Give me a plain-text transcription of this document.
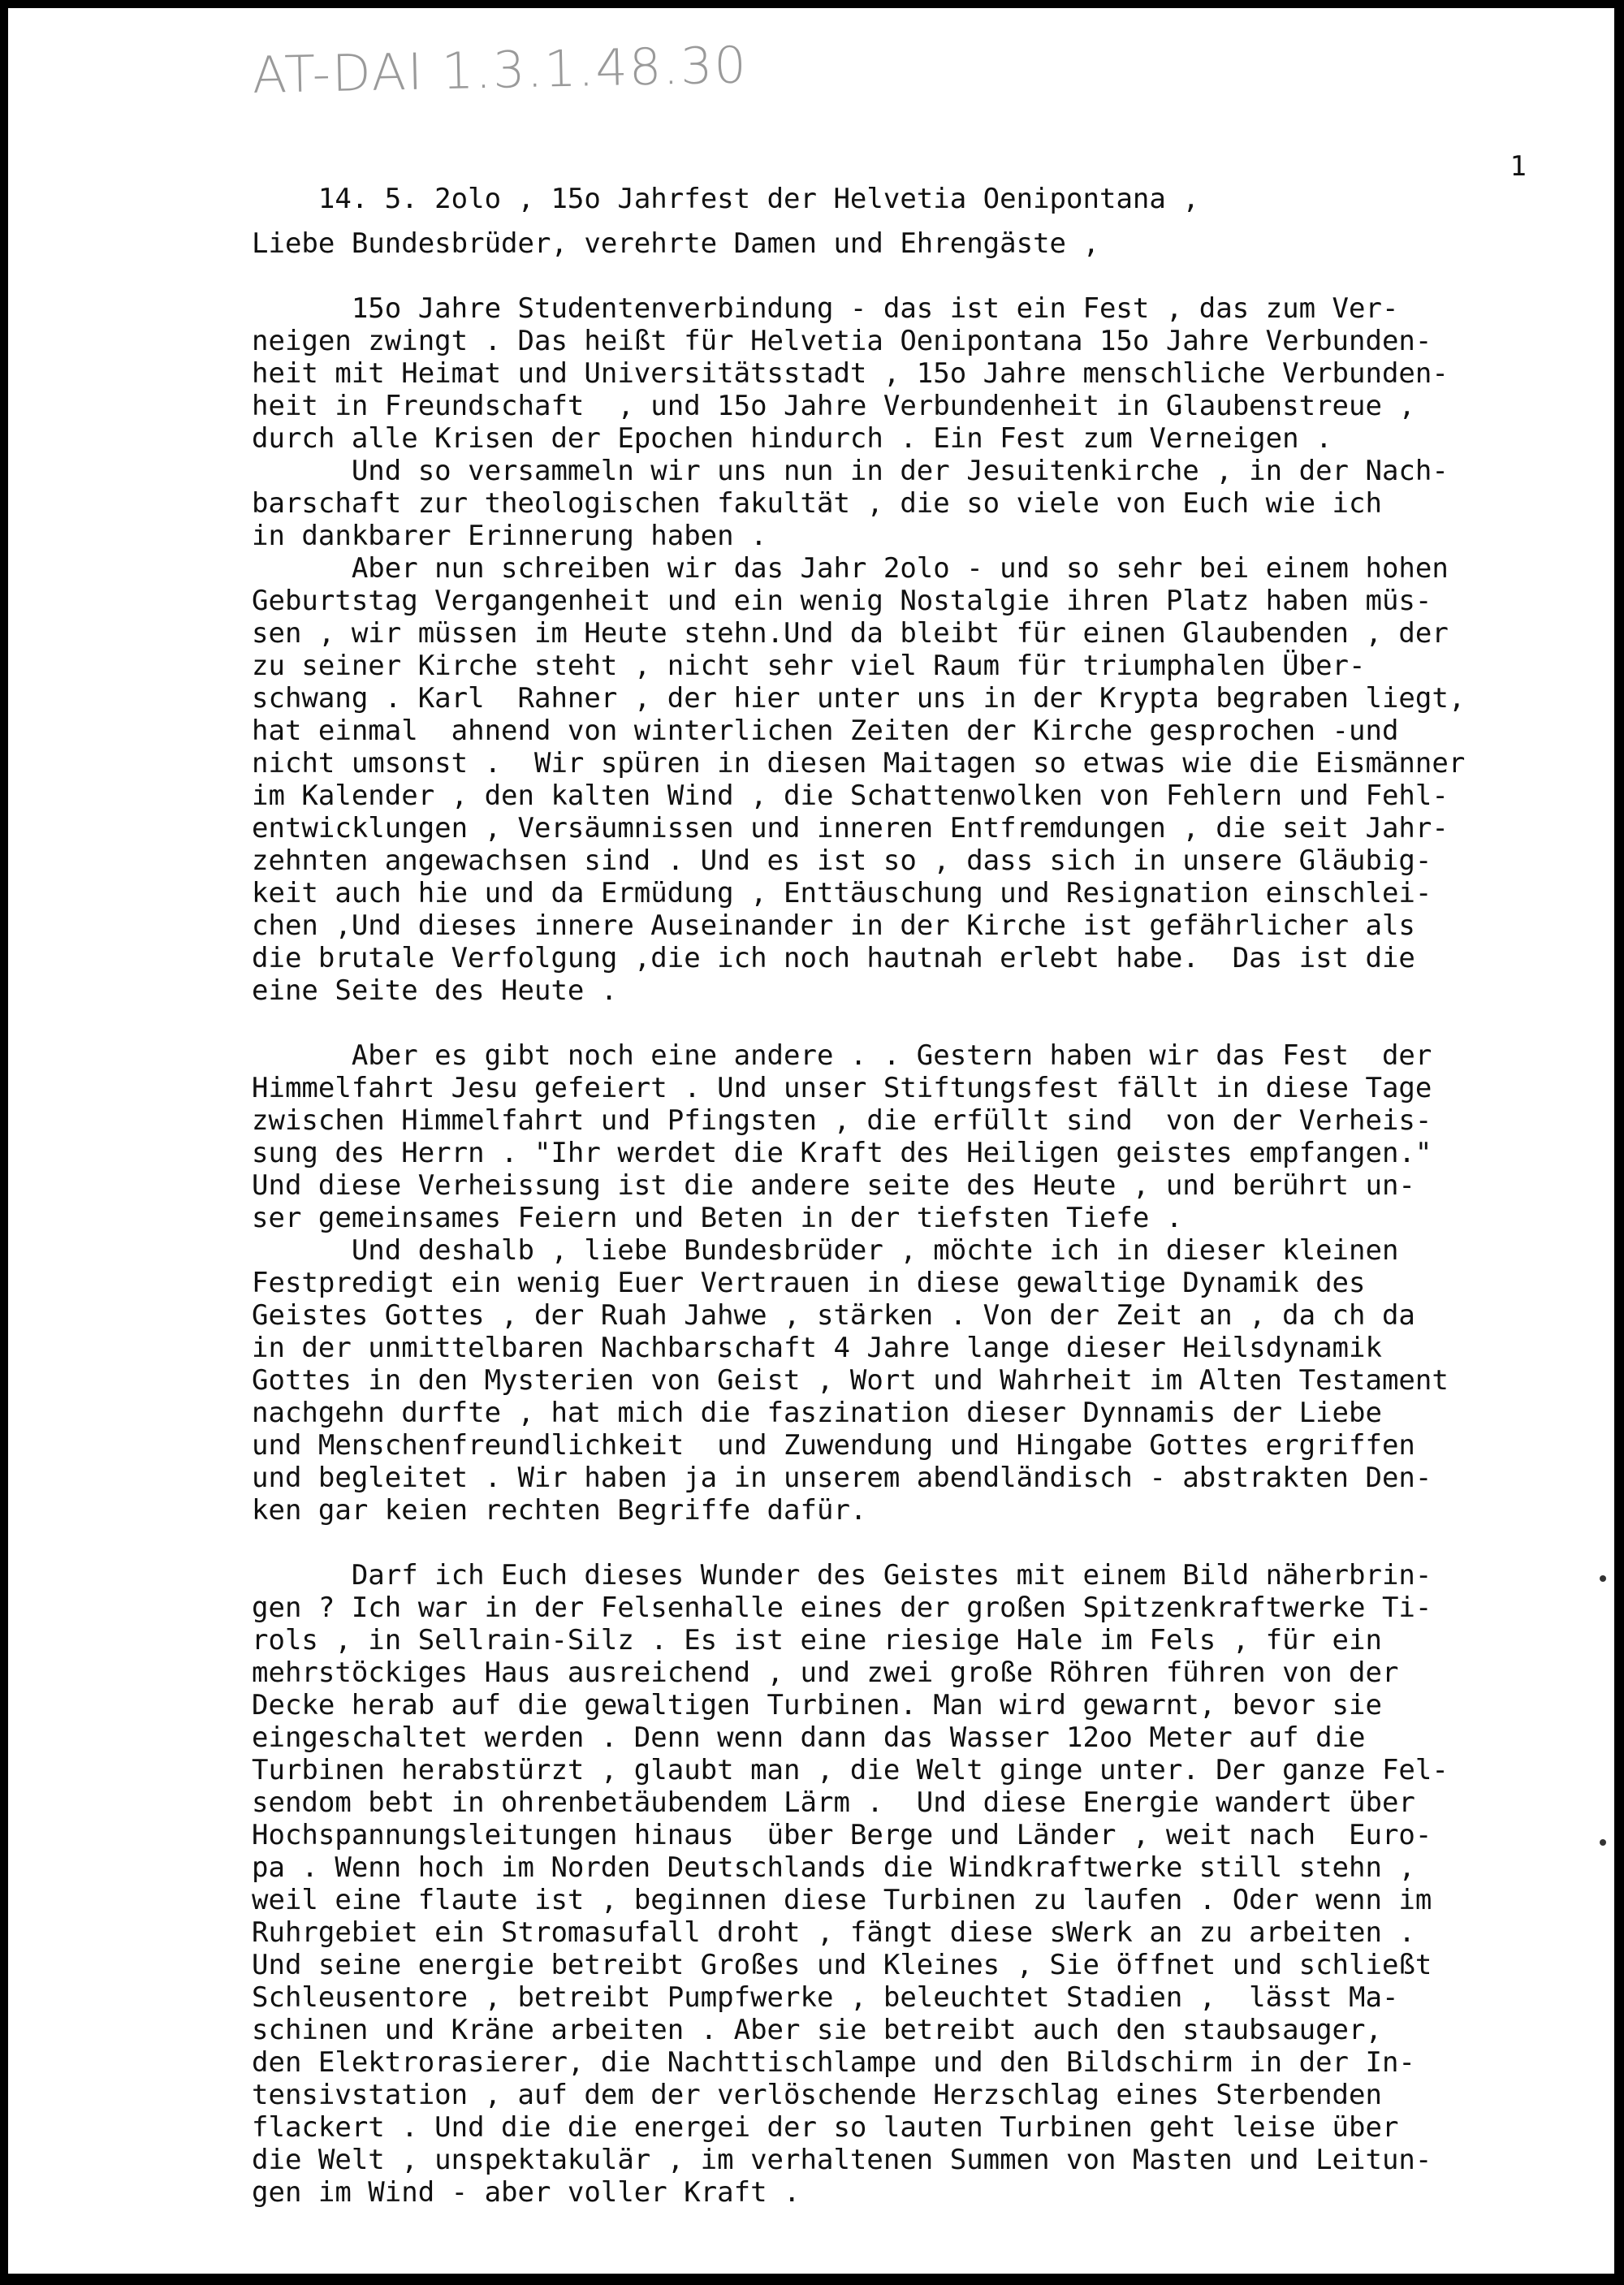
AT-DAI 1.3.1.48.30

14. 5. 2olo , 15o Jahrfest der Helvetia Oenipontana ,

1

Liebe Bundesbrüder, verehrte Damen und Ehrengäste ,
15o Jahre Studentenverbindung - das ist ein Fest , das zum Ver-
neigen zwingt . Das heißt für Helvetia Oenipontana 15o Jahre Verbunden-
heit mit Heimat und Universitätsstadt , 15o Jahre menschliche Verbunden-
heit in Freundschaft  , und 15o Jahre Verbundenheit in Glaubenstreue ,
durch alle Krisen der Epochen hindurch . Ein Fest zum Verneigen .
Und so versammeln wir uns nun in der Jesuitenkirche , in der Nach-
barschaft zur theologischen fakultät , die so viele von Euch wie ich
in dankbarer Erinnerung haben .
Aber nun schreiben wir das Jahr 2olo - und so sehr bei einem hohen
Geburtstag Vergangenheit und ein wenig Nostalgie ihren Platz haben müs-
sen , wir müssen im Heute stehn.Und da bleibt für einen Glaubenden , der
zu seiner Kirche steht , nicht sehr viel Raum für triumphalen Über-
schwang . Karl  Rahner , der hier unter uns in der Krypta begraben liegt,
hat einmal  ahnend von winterlichen Zeiten der Kirche gesprochen -und
nicht umsonst .  Wir spüren in diesen Maitagen so etwas wie die Eismänner
im Kalender , den kalten Wind , die Schattenwolken von Fehlern und Fehl-
entwicklungen , Versäumnissen und inneren Entfremdungen , die seit Jahr-
zehnten angewachsen sind . Und es ist so , dass sich in unsere Gläubig-
keit auch hie und da Ermüdung , Enttäuschung und Resignation einschlei-
chen ,Und dieses innere Auseinander in der Kirche ist gefährlicher als
die brutale Verfolgung ,die ich noch hautnah erlebt habe.  Das ist die
eine Seite des Heute .
Aber es gibt noch eine andere . . Gestern haben wir das Fest  der
Himmelfahrt Jesu gefeiert . Und unser Stiftungsfest fällt in diese Tage
zwischen Himmelfahrt und Pfingsten , die erfüllt sind  von der Verheis-
sung des Herrn . "Ihr werdet die Kraft des Heiligen geistes empfangen."
Und diese Verheissung ist die andere seite des Heute , und berührt un-
ser gemeinsames Feiern und Beten in der tiefsten Tiefe .
Und deshalb , liebe Bundesbrüder , möchte ich in dieser kleinen
Festpredigt ein wenig Euer Vertrauen in diese gewaltige Dynamik des
Geistes Gottes , der Ruah Jahwe , stärken . Von der Zeit an , da ch da
in der unmittelbaren Nachbarschaft 4 Jahre lange dieser Heilsdynamik
Gottes in den Mysterien von Geist , Wort und Wahrheit im Alten Testament
nachgehn durfte , hat mich die faszination dieser Dynnamis der Liebe
und Menschenfreundlichkeit  und Zuwendung und Hingabe Gottes ergriffen
und begleitet . Wir haben ja in unserem abendländisch - abstrakten Den-
ken gar keien rechten Begriffe dafür.
Darf ich Euch dieses Wunder des Geistes mit einem Bild näherbrin-
gen ? Ich war in der Felsenhalle eines der großen Spitzenkraftwerke Ti-
rols , in Sellrain-Silz . Es ist eine riesige Hale im Fels , für ein
mehrstöckiges Haus ausreichend , und zwei große Röhren führen von der
Decke herab auf die gewaltigen Turbinen. Man wird gewarnt, bevor sie
eingeschaltet werden . Denn wenn dann das Wasser 12oo Meter auf die
Turbinen herabstürzt , glaubt man , die Welt ginge unter. Der ganze Fel-
sendom bebt in ohrenbetäubendem Lärm .  Und diese Energie wandert über
Hochspannungsleitungen hinaus  über Berge und Länder , weit nach  Euro-
pa . Wenn hoch im Norden Deutschlands die Windkraftwerke still stehn ,
weil eine flaute ist , beginnen diese Turbinen zu laufen . Oder wenn im
Ruhrgebiet ein Stromasufall droht , fängt diese sWerk an zu arbeiten .
Und seine energie betreibt Großes und Kleines , Sie öffnet und schließt
Schleusentore , betreibt Pumpfwerke , beleuchtet Stadien ,  lässt Ma-
schinen und Kräne arbeiten . Aber sie betreibt auch den staubsauger,
den Elektrorasierer, die Nachttischlampe und den Bildschirm in der In-
tensivstation , auf dem der verlöschende Herzschlag eines Sterbenden
flackert . Und die die energei der so lauten Turbinen geht leise über
die Welt , unspektakulär , im verhaltenen Summen von Masten und Leitun-
gen im Wind - aber voller Kraft .
